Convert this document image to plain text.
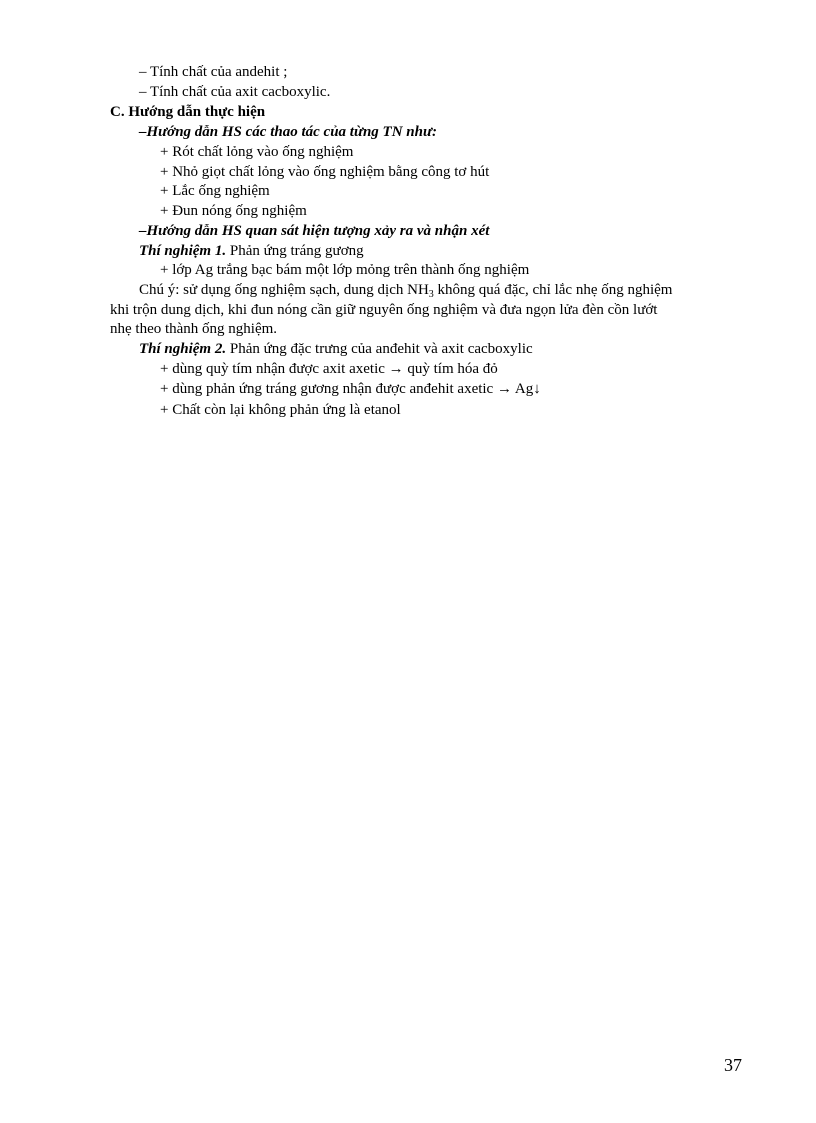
– Tính chất của andehit ;
– Tính chất của axit cacboxylic.
C. Hướng dẫn thực hiện
–Hướng dẫn HS các thao tác của từng TN như:
+ Rót chất lỏng vào ống nghiệm
+ Nhỏ giọt chất lỏng vào ống nghiệm bằng công tơ hút
+ Lắc ống nghiệm
+ Đun nóng ống nghiệm
–Hướng dẫn HS quan sát hiện tượng xảy ra và nhận xét
Thí nghiệm 1. Phản ứng tráng gương
+ lớp Ag trắng bạc bám một lớp mỏng trên thành ống nghiệm
Chú ý: sử dụng ống nghiệm sạch, dung dịch $NH_3$ không quá đặc, chỉ lắc nhẹ ống nghiệm
khi trộn dung dịch, khi đun nóng cần giữ nguyên ống nghiệm và đưa ngọn lửa đèn cồn lướt
nhẹ theo thành ống nghiệm.
Thí nghiệm 2. Phản ứng đặc trưng của anđehit và axit cacboxylic
+ dùng quỳ tím nhận được axit axetic → quỳ tím hóa đỏ
+ dùng phản ứng tráng gương nhận được anđehit axetic → Ag↓
+ Chất còn lại không phản ứng là etanol
37
